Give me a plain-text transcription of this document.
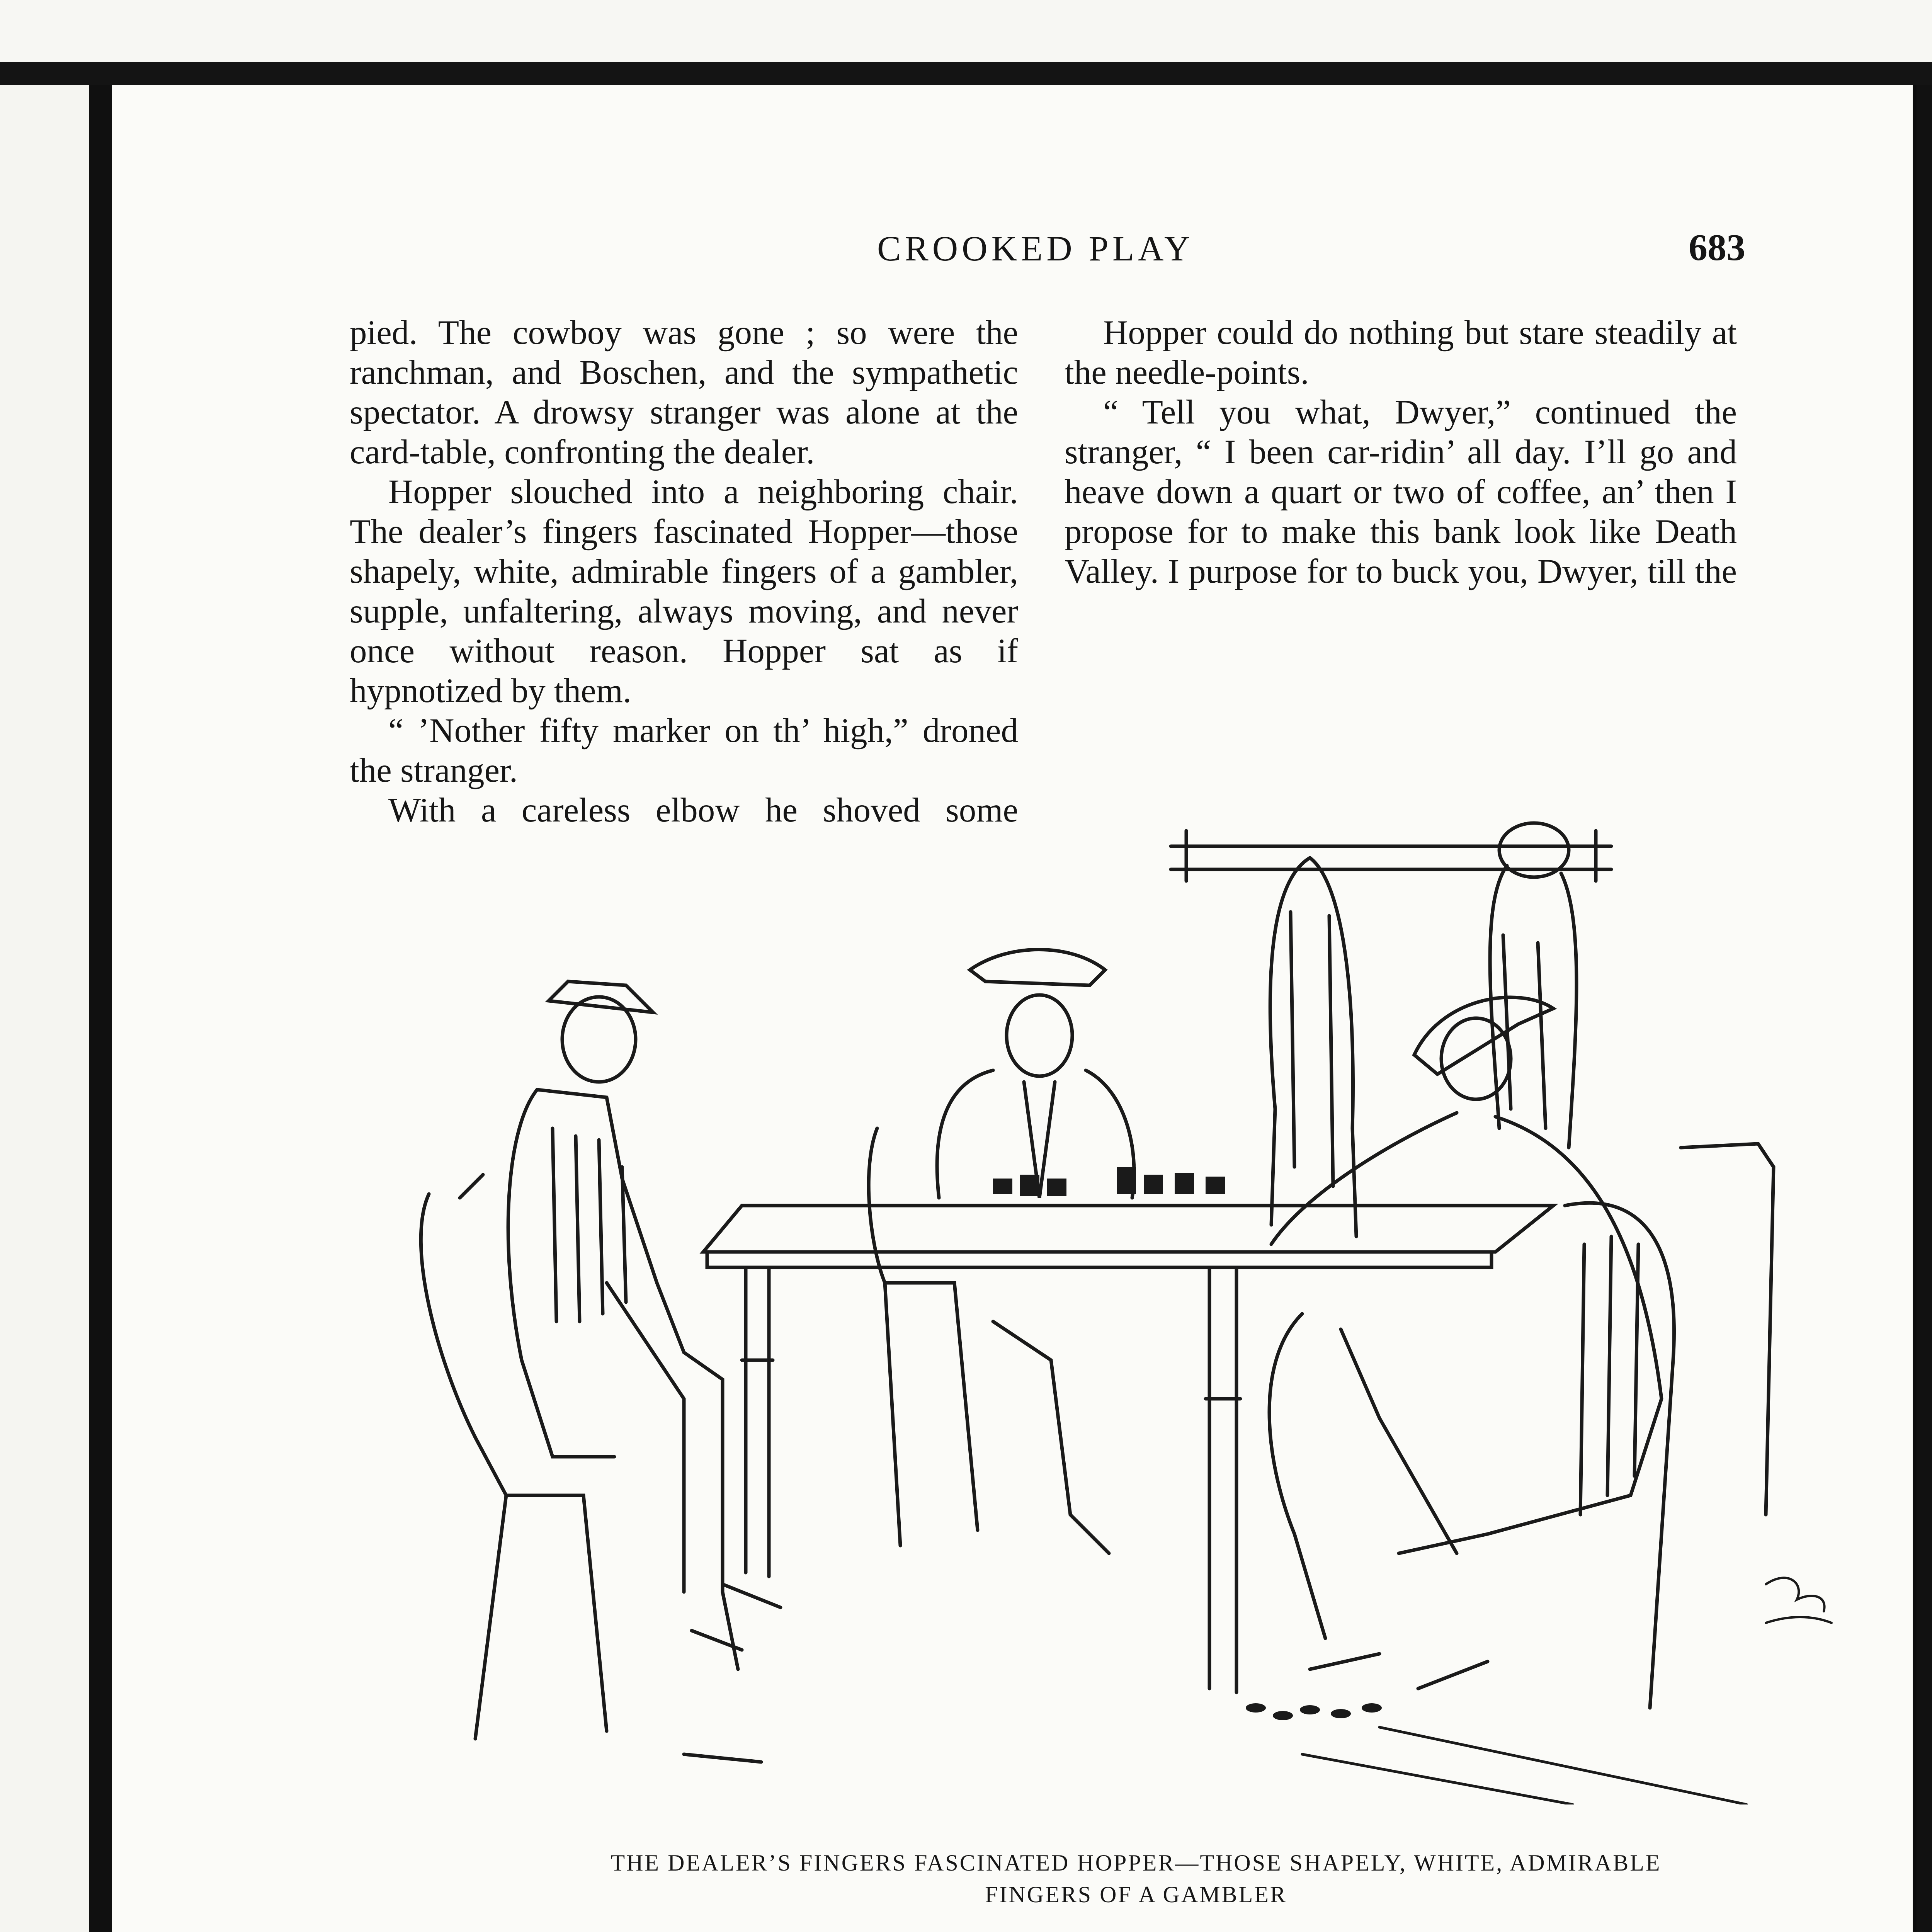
CROOKED PLAY	683

pied. The cowboy was gone ; so were the ranchman, and Boschen, and the sympathetic spectator. A drowsy stranger was alone at the card-table, confronting the dealer.

Hopper slouched into a neighboring chair. The dealer’s fingers fascinated Hopper—those shapely, white, admirable fingers of a gambler, supple, unfaltering, always moving, and never once without reason. Hopper sat as if hypnotized by them.

“ ’Nother fifty marker on th’ high,” droned the stranger.

With a careless elbow he shoved some

Hopper could do nothing but stare steadily at the needle-points.

“ Tell you what, Dwyer,” continued the stranger, “ I been car-ridin’ all day. I’ll go and heave down a quart or two of coffee, an’ then I propose for to make this bank look like Death Valley. I purpose for to buck you, Dwyer, till the

THE DEALER’S FINGERS FASCINATED HOPPER—THOSE SHAPELY, WHITE, ADMIRABLE
FINGERS OF A GAMBLER
